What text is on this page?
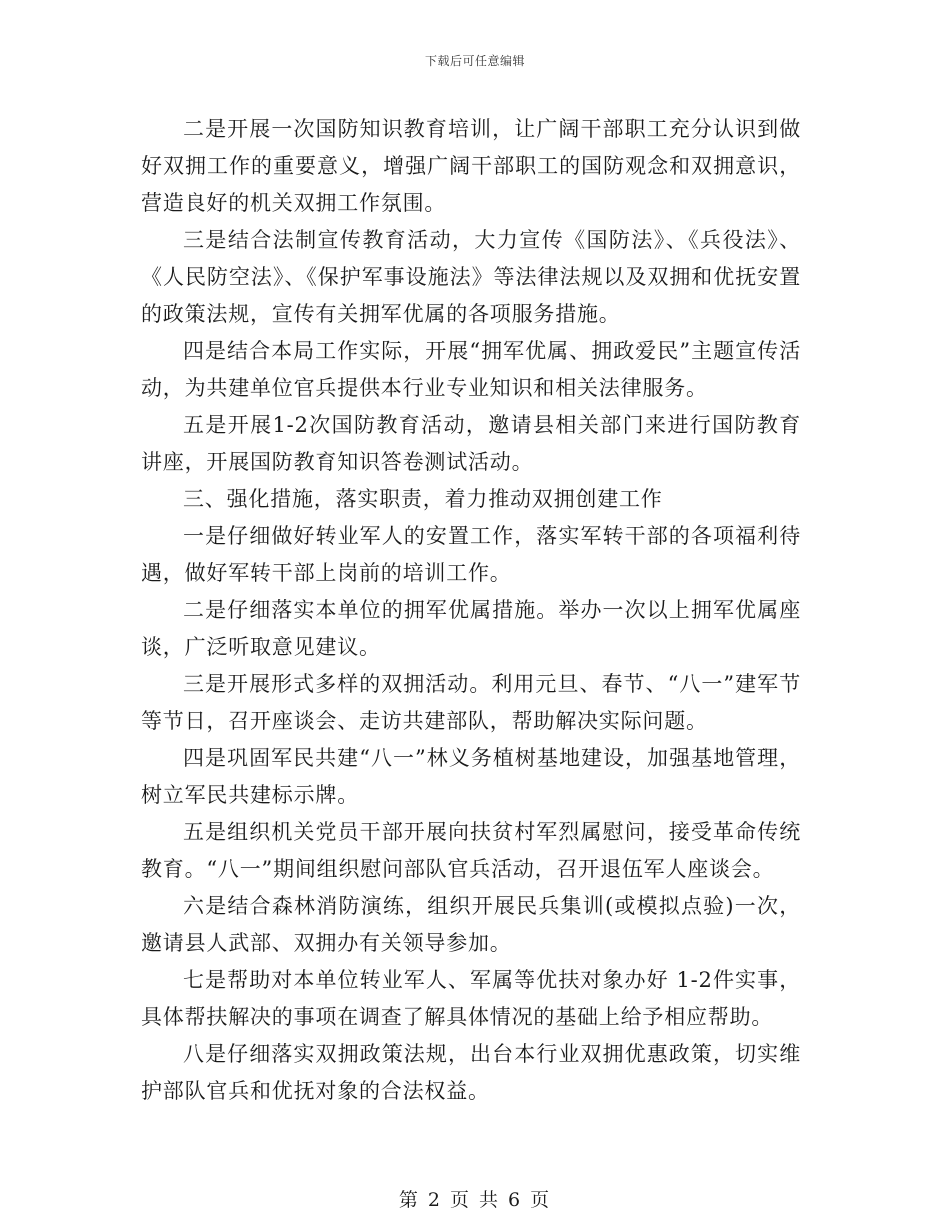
下载后可任意编辑

二是开展一次国防知识教育培训，让广阔干部职工充分认识到做好双拥工作的重要意义，增强广阔干部职工的国防观念和双拥意识，营造良好的机关双拥工作氛围。

三是结合法制宣传教育活动，大力宣传《国防法》、《兵役法》、《人民防空法》、《保护军事设施法》等法律法规以及双拥和优抚安置的政策法规，宣传有关拥军优属的各项服务措施。

四是结合本局工作实际，开展“拥军优属、拥政爱民”主题宣传活动，为共建单位官兵提供本行业专业知识和相关法律服务。

五是开展1-2次国防教育活动，邀请县相关部门来进行国防教育讲座，开展国防教育知识答卷测试活动。

三、强化措施，落实职责，着力推动双拥创建工作

一是仔细做好转业军人的安置工作，落实军转干部的各项福利待遇，做好军转干部上岗前的培训工作。

二是仔细落实本单位的拥军优属措施。举办一次以上拥军优属座谈，广泛听取意见建议。

三是开展形式多样的双拥活动。利用元旦、春节、“八一”建军节等节日，召开座谈会、走访共建部队，帮助解决实际问题。

四是巩固军民共建“八一”林义务植树基地建设，加强基地管理，树立军民共建标示牌。

五是组织机关党员干部开展向扶贫村军烈属慰问，接受革命传统教育。“八一”期间组织慰问部队官兵活动，召开退伍军人座谈会。

六是结合森林消防演练，组织开展民兵集训(或模拟点验)一次，邀请县人武部、双拥办有关领导参加。

七是帮助对本单位转业军人、军属等优扶对象办好 1-2件实事，具体帮扶解决的事项在调查了解具体情况的基础上给予相应帮助。

八是仔细落实双拥政策法规，出台本行业双拥优惠政策，切实维护部队官兵和优抚对象的合法权益。

第 2 页 共 6 页
